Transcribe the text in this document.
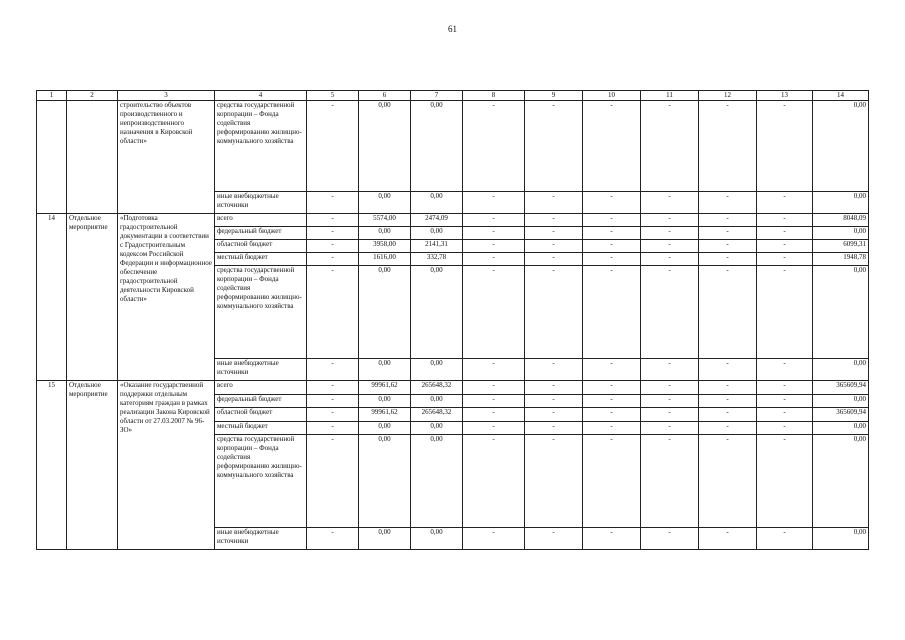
61
1	2	3	4	5	6	7	8	9	10	11	12	13	14
		строительство объектов производственного и непроизводственного назначения в Кировской области»	средства государственной корпорации – Фонда содействия реформированию жилищно-коммунального хозяйства	-	0,00	0,00	-	-	-	-	-	-	0,00
			иные внебюджетные источники	-	0,00	0,00	-	-	-	-	-	-	0,00
14	Отдельное мероприятие	«Подготовка градостроительной документации в соответствии с Градостроительным кодексом Российской Федерации и информационное обеспечение градостроительной деятельности Кировской области»	всего	-	5574,00	2474,09	-	-	-	-	-	-	8048,09
			федеральный бюджет	-	0,00	0,00	-	-	-	-	-	-	0,00
			областной бюджет	-	3958,00	2141,31	-	-	-	-	-	-	6099,31
			местный бюджет	-	1616,00	332,78	-	-	-	-	-	-	1948,78
			средства государственной корпорации – Фонда содействия реформированию жилищно-коммунального хозяйства	-	0,00	0,00	-	-	-	-	-	-	0,00
			иные внебюджетные источники	-	0,00	0,00	-	-	-	-	-	-	0,00
15	Отдельное мероприятие	«Оказание государственной поддержки отдельным категориям граждан в рамках реализации Закона Кировской области от 27.03.2007 № 96-ЗО»	всего	-	99961,62	265648,32	-	-	-	-	-	-	365609,94
			федеральный бюджет	-	0,00	0,00	-	-	-	-	-	-	0,00
			областной бюджет	-	99961,62	265648,32	-	-	-	-	-	-	365609,94
			местный бюджет	-	0,00	0,00	-	-	-	-	-	-	0,00
			средства государственной корпорации – Фонда содействия реформированию жилищно-коммунального хозяйства	-	0,00	0,00	-	-	-	-	-	-	0,00
			иные внебюджетные источники	-	0,00	0,00	-	-	-	-	-	-	0,00
